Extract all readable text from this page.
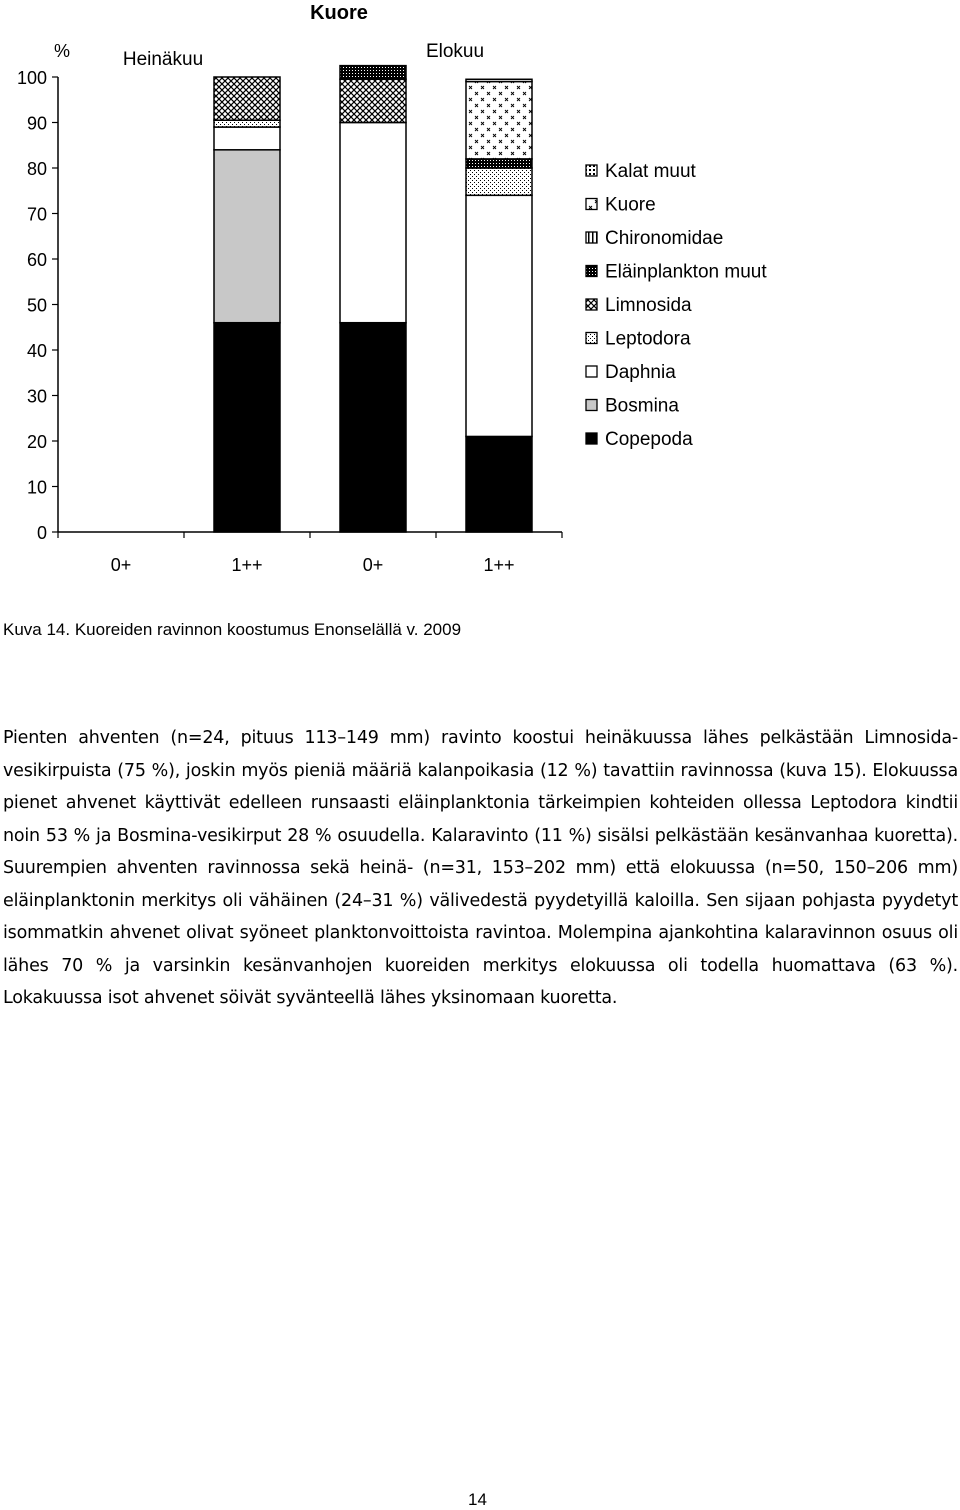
Kuore
%
0
10
20
30
40
50
60
70
80
90
100
0+	1++	0+	1++
Heinäkuu	Elokuu
Kalat muut
Kuore
Chironomidae
Eläinplankton muut
Limnosida
Leptodora
Daphnia
Bosmina
Copepoda
Kuva 14. Kuoreiden ravinnon koostumus Enonselällä v. 2009

Pienten ahventen (n=24, pituus 113–149 mm) ravinto koostui heinäkuussa lähes pelkästään Limnosida-vesikirpuista (75 %), joskin myös pieniä määriä kalanpoikasia (12 %) tavattiin ravinnossa (kuva 15). Elokuussa pienet ahvenet käyttivät edelleen runsaasti eläinplanktonia tärkeimpien kohteiden ollessa Leptodora kindtii noin 53 % ja Bosmina-vesikirput 28 % osuudella. Kalaravinto (11 %) sisälsi pelkästään kesänvanhaa kuoretta). Suurempien ahventen ravinnossa sekä heinä- (n=31, 153–202 mm) että elokuussa (n=50, 150–206 mm) eläinplanktonin merkitys oli vähäinen (24–31 %) välivedestä pyydetyillä kaloilla. Sen sijaan pohjasta pyydetyt isommatkin ahvenet olivat syöneet planktonvoittoista ravintoa. Molempina ajankohtina kalaravinnon osuus oli lähes 70 % ja varsinkin kesänvanhojen kuoreiden merkitys elokuussa oli todella huomattava (63 %). Lokakuussa isot ahvenet söivät syvänteellä lähes yksinomaan kuoretta.

14
